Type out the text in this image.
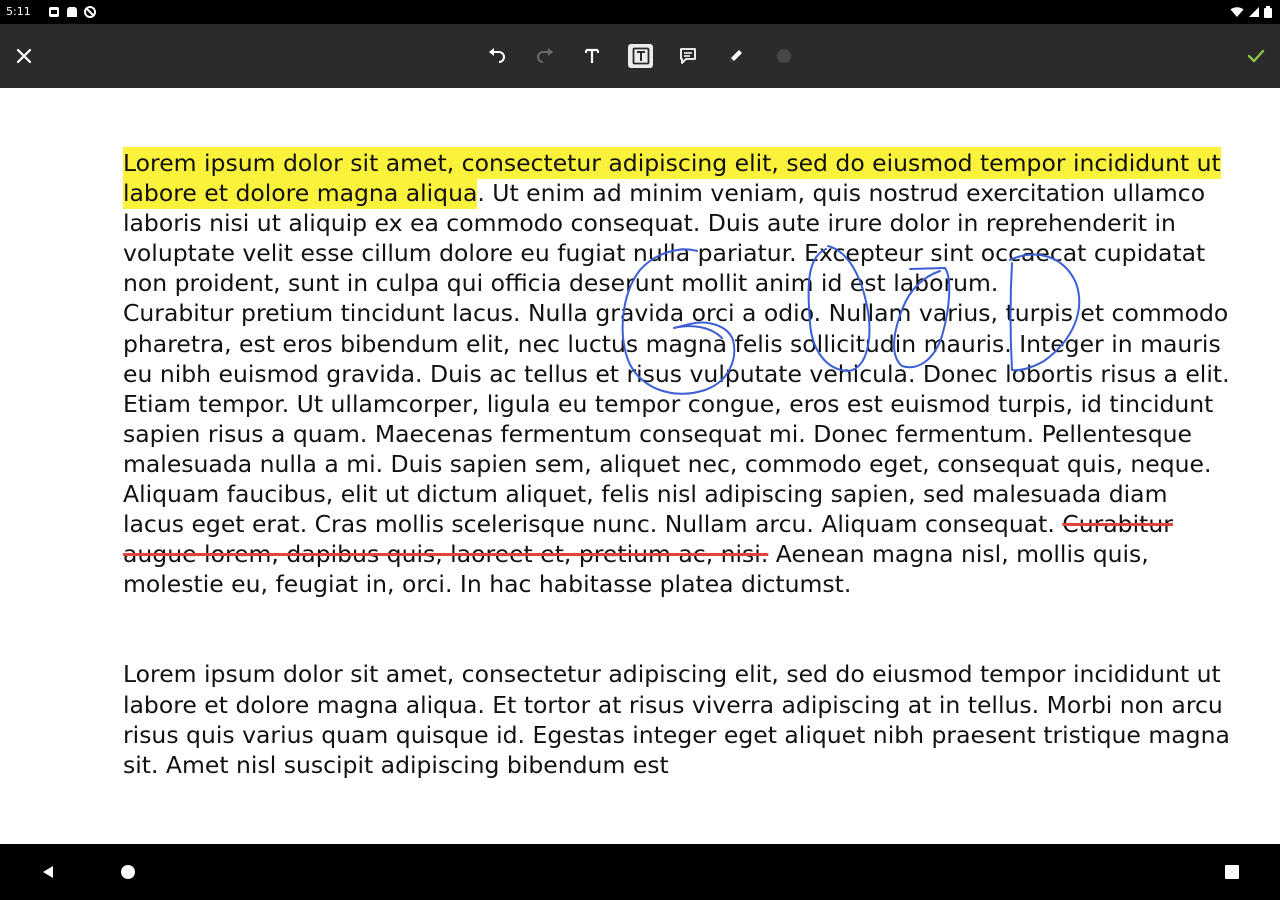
5:11

Lorem ipsum dolor sit amet, consectetur adipiscing elit, sed do eiusmod tempor incididunt ut labore et dolore magna aliqua. Ut enim ad minim veniam, quis nostrud exercitation ullamco laboris nisi ut aliquip ex ea commodo consequat. Duis aute irure dolor in reprehenderit in voluptate velit esse cillum dolore eu fugiat nulla pariatur. Excepteur sint occaecat cupidatat non proident, sunt in culpa qui officia deserunt mollit anim id est laborum.

Curabitur pretium tincidunt lacus. Nulla gravida orci a odio. Nullam varius, turpis et commodo pharetra, est eros bibendum elit, nec luctus magna felis sollicitudin mauris. Integer in mauris eu nibh euismod gravida. Duis ac tellus et risus vulputate vehicula. Donec lobortis risus a elit. Etiam tempor. Ut ullamcorper, ligula eu tempor congue, eros est euismod turpis, id tincidunt sapien risus a quam. Maecenas fermentum consequat mi. Donec fermentum. Pellentesque malesuada nulla a mi. Duis sapien sem, aliquet nec, commodo eget, consequat quis, neque. Aliquam faucibus, elit ut dictum aliquet, felis nisl adipiscing sapien, sed malesuada diam lacus eget erat. Cras mollis scelerisque nunc. Nullam arcu. Aliquam consequat. Curabitur augue lorem, dapibus quis, laoreet et, pretium ac, nisi. Aenean magna nisl, mollis quis, molestie eu, feugiat in, orci. In hac habitasse platea dictumst.

Lorem ipsum dolor sit amet, consectetur adipiscing elit, sed do eiusmod tempor incididunt ut labore et dolore magna aliqua. Et tortor at risus viverra adipiscing at in tellus. Morbi non arcu risus quis varius quam quisque id. Egestas integer eget aliquet nibh praesent tristique magna sit. Amet nisl suscipit adipiscing bibendum est
